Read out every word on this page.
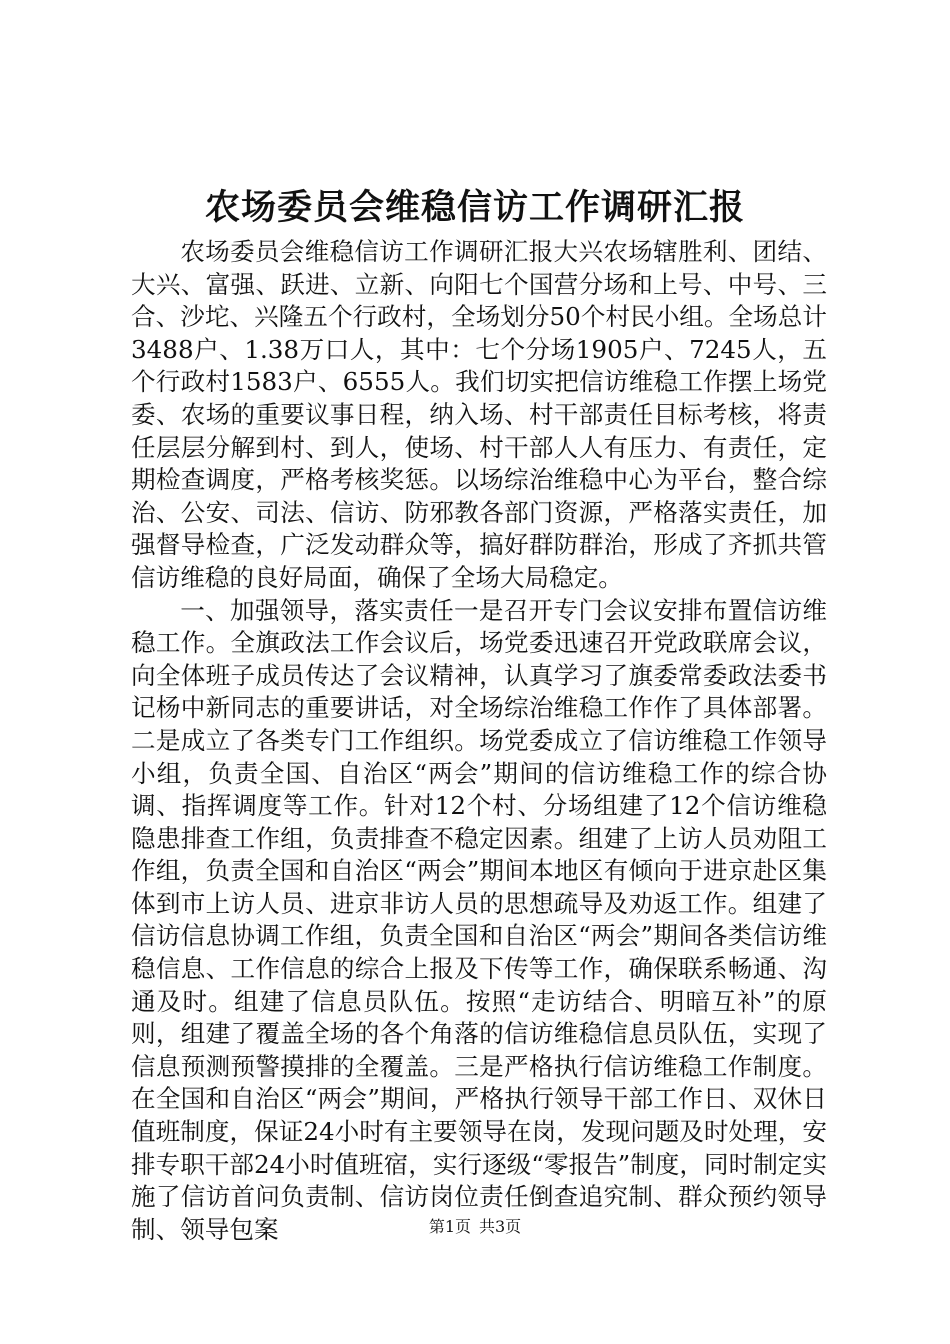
农场委员会维稳信访工作调研汇报

农场委员会维稳信访工作调研汇报大兴农场辖胜利、团结、大兴、富强、跃进、立新、向阳七个国营分场和上号、中号、三合、沙坨、兴隆五个行政村，全场划分50个村民小组。全场总计3488户、1.38万口人，其中：七个分场1905户、7245人，五个行政村1583户、6555人。我们切实把信访维稳工作摆上场党委、农场的重要议事日程，纳入场、村干部责任目标考核，将责任层层分解到村、到人，使场、村干部人人有压力、有责任，定期检查调度，严格考核奖惩。以场综治维稳中心为平台，整合综治、公安、司法、信访、防邪教各部门资源，严格落实责任，加强督导检查，广泛发动群众等，搞好群防群治，形成了齐抓共管信访维稳的良好局面，确保了全场大局稳定。

一、加强领导，落实责任一是召开专门会议安排布置信访维稳工作。全旗政法工作会议后，场党委迅速召开党政联席会议，向全体班子成员传达了会议精神，认真学习了旗委常委政法委书记杨中新同志的重要讲话，对全场综治维稳工作作了具体部署。二是成立了各类专门工作组织。场党委成立了信访维稳工作领导小组，负责全国、自治区“两会”期间的信访维稳工作的综合协调、指挥调度等工作。针对12个村、分场组建了12个信访维稳隐患排查工作组，负责排查不稳定因素。组建了上访人员劝阻工作组，负责全国和自治区“两会”期间本地区有倾向于进京赴区集体到市上访人员、进京非访人员的思想疏导及劝返工作。组建了信访信息协调工作组，负责全国和自治区“两会”期间各类信访维稳信息、工作信息的综合上报及下传等工作，确保联系畅通、沟通及时。组建了信息员队伍。按照“走访结合、明暗互补”的原则，组建了覆盖全场的各个角落的信访维稳信息员队伍，实现了信息预测预警摸排的全覆盖。三是严格执行信访维稳工作制度。在全国和自治区“两会”期间，严格执行领导干部工作日、双休日值班制度，保证24小时有主要领导在岗，发现问题及时处理，安排专职干部24小时值班宿，实行逐级“零报告”制度，同时制定实施了信访首问负责制、信访岗位责任倒查追究制、群众预约领导制、领导包案	第1页 共3页
